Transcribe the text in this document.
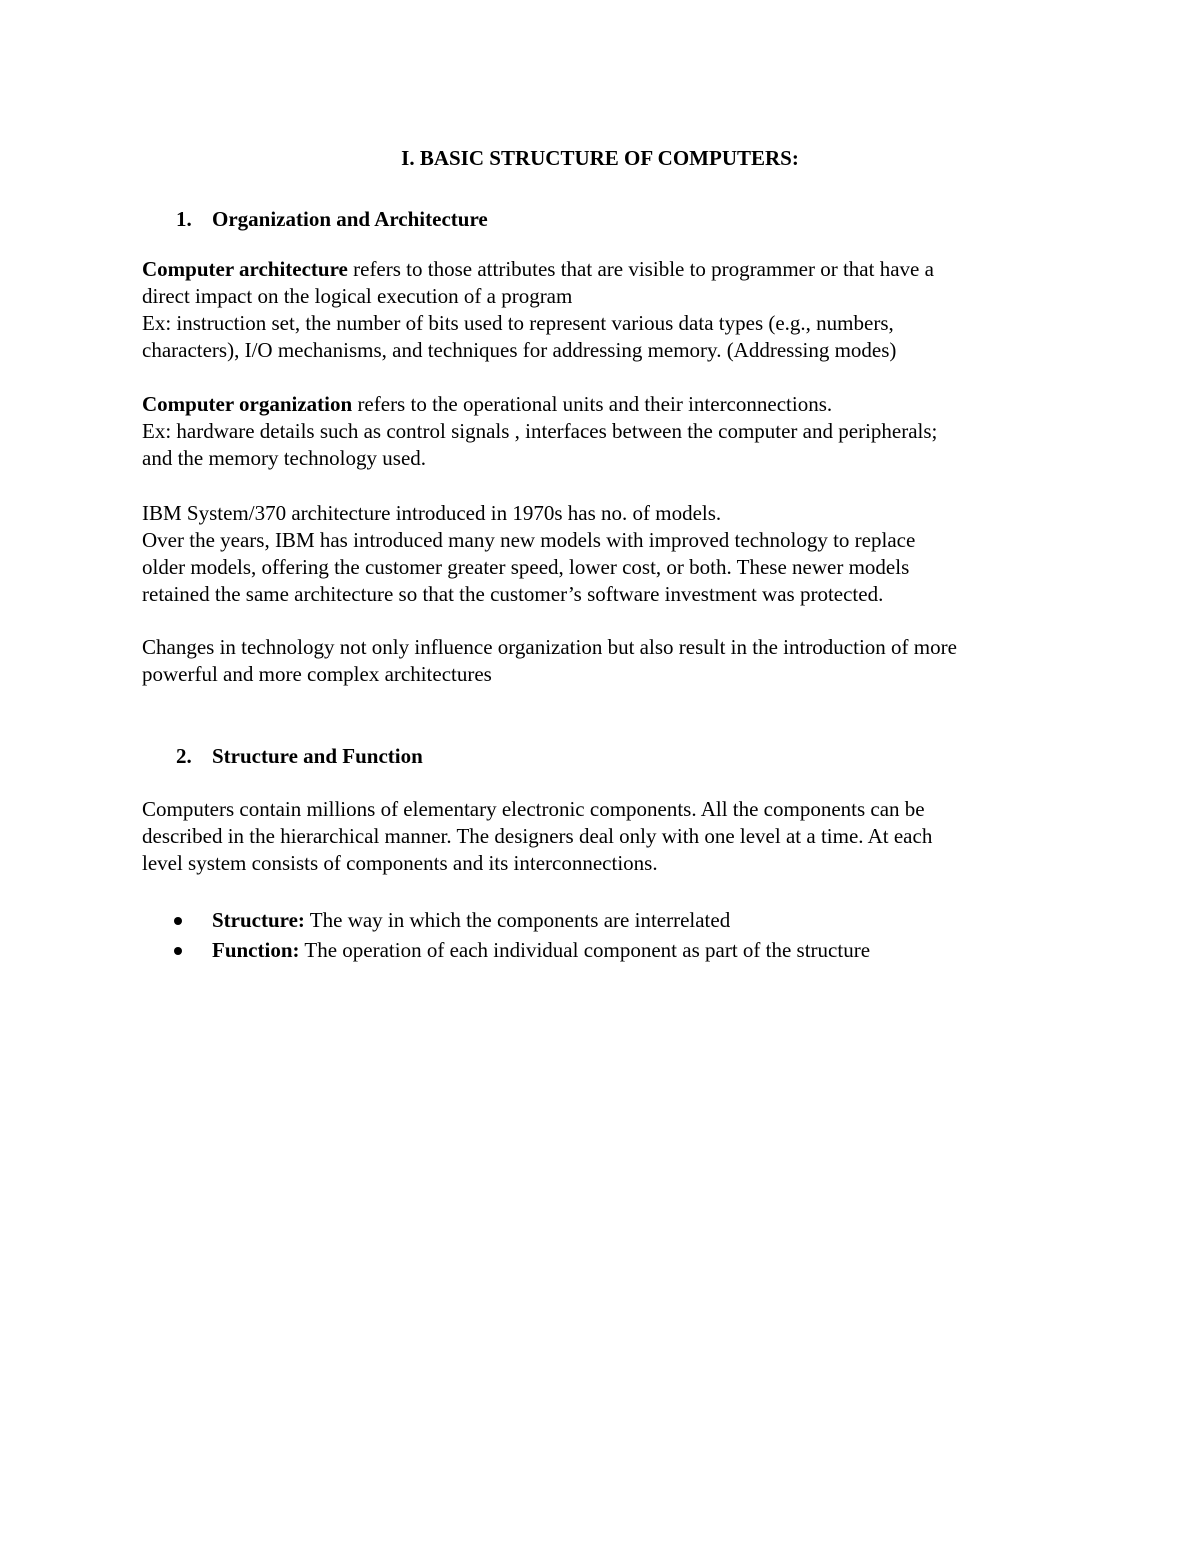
I. BASIC STRUCTURE OF COMPUTERS:
1. Organization and Architecture
Computer architecture refers to those attributes that are visible to programmer or that have a
direct impact on the logical execution of a program
Ex: instruction set, the number of bits used to represent various data types (e.g., numbers,
characters), I/O mechanisms, and techniques for addressing memory. (Addressing modes)
Computer organization refers to the operational units and their interconnections.
Ex: hardware details such as control signals , interfaces between the computer and peripherals;
and the memory technology used.
IBM System/370 architecture introduced in 1970s has no. of models.
Over the years, IBM has introduced many new models with improved technology to replace
older models, offering the customer greater speed, lower cost, or both. These newer models
retained the same architecture so that the customer’s software investment was protected.
Changes in technology not only influence organization but also result in the introduction of more
powerful and more complex architectures
2. Structure and Function
Computers contain millions of elementary electronic components. All the components can be
described in the hierarchical manner. The designers deal only with one level at a time. At each
level system consists of components and its interconnections.
Structure: The way in which the components are interrelated
Function: The operation of each individual component as part of the structure
